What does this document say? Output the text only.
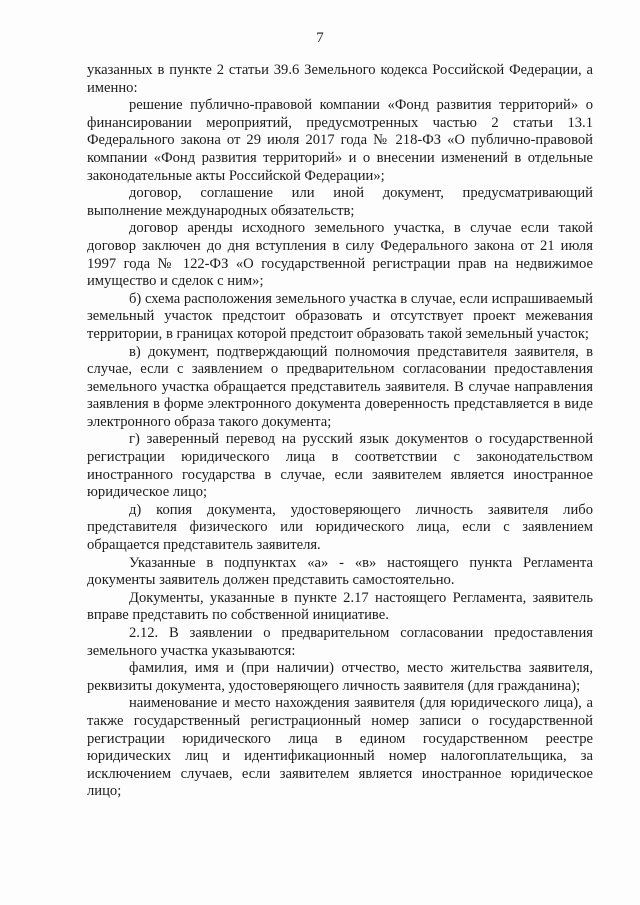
7

указанных в пункте 2 статьи 39.6 Земельного кодекса Российской Федерации, а именно:

решение публично-правовой компании «Фонд развития территорий» о финансировании мероприятий, предусмотренных частью 2 статьи 13.1 Федерального закона от 29 июля 2017 года № 218-ФЗ «О публично-правовой компании «Фонд развития территорий» и о внесении изменений в отдельные законодательные акты Российской Федерации»;

договор, соглашение или иной документ, предусматривающий выполнение международных обязательств;

договор аренды исходного земельного участка, в случае если такой договор заключен до дня вступления в силу Федерального закона от 21 июля 1997 года № 122-ФЗ «О государственной регистрации прав на недвижимое имущество и сделок с ним»;

б) схема расположения земельного участка в случае, если испрашиваемый земельный участок предстоит образовать и отсутствует проект межевания территории, в границах которой предстоит образовать такой земельный участок;

в) документ, подтверждающий полномочия представителя заявителя, в случае, если с заявлением о предварительном согласовании предоставления земельного участка обращается представитель заявителя. В случае направления заявления в форме электронного документа доверенность представляется в виде электронного образа такого документа;

г) заверенный перевод на русский язык документов о государственной регистрации юридического лица в соответствии с законодательством иностранного государства в случае, если заявителем является иностранное юридическое лицо;

д) копия документа, удостоверяющего личность заявителя либо представителя физического или юридического лица, если с заявлением обращается представитель заявителя.

Указанные в подпунктах «а» - «в» настоящего пункта Регламента документы заявитель должен представить самостоятельно.

Документы, указанные в пункте 2.17 настоящего Регламента, заявитель вправе представить по собственной инициативе.

2.12. В заявлении о предварительном согласовании предоставления земельного участка указываются:

фамилия, имя и (при наличии) отчество, место жительства заявителя, реквизиты документа, удостоверяющего личность заявителя (для гражданина);

наименование и место нахождения заявителя (для юридического лица), а также государственный регистрационный номер записи о государственной регистрации юридического лица в едином государственном реестре юридических лиц и идентификационный номер налогоплательщика, за исключением случаев, если заявителем является иностранное юридическое лицо;
